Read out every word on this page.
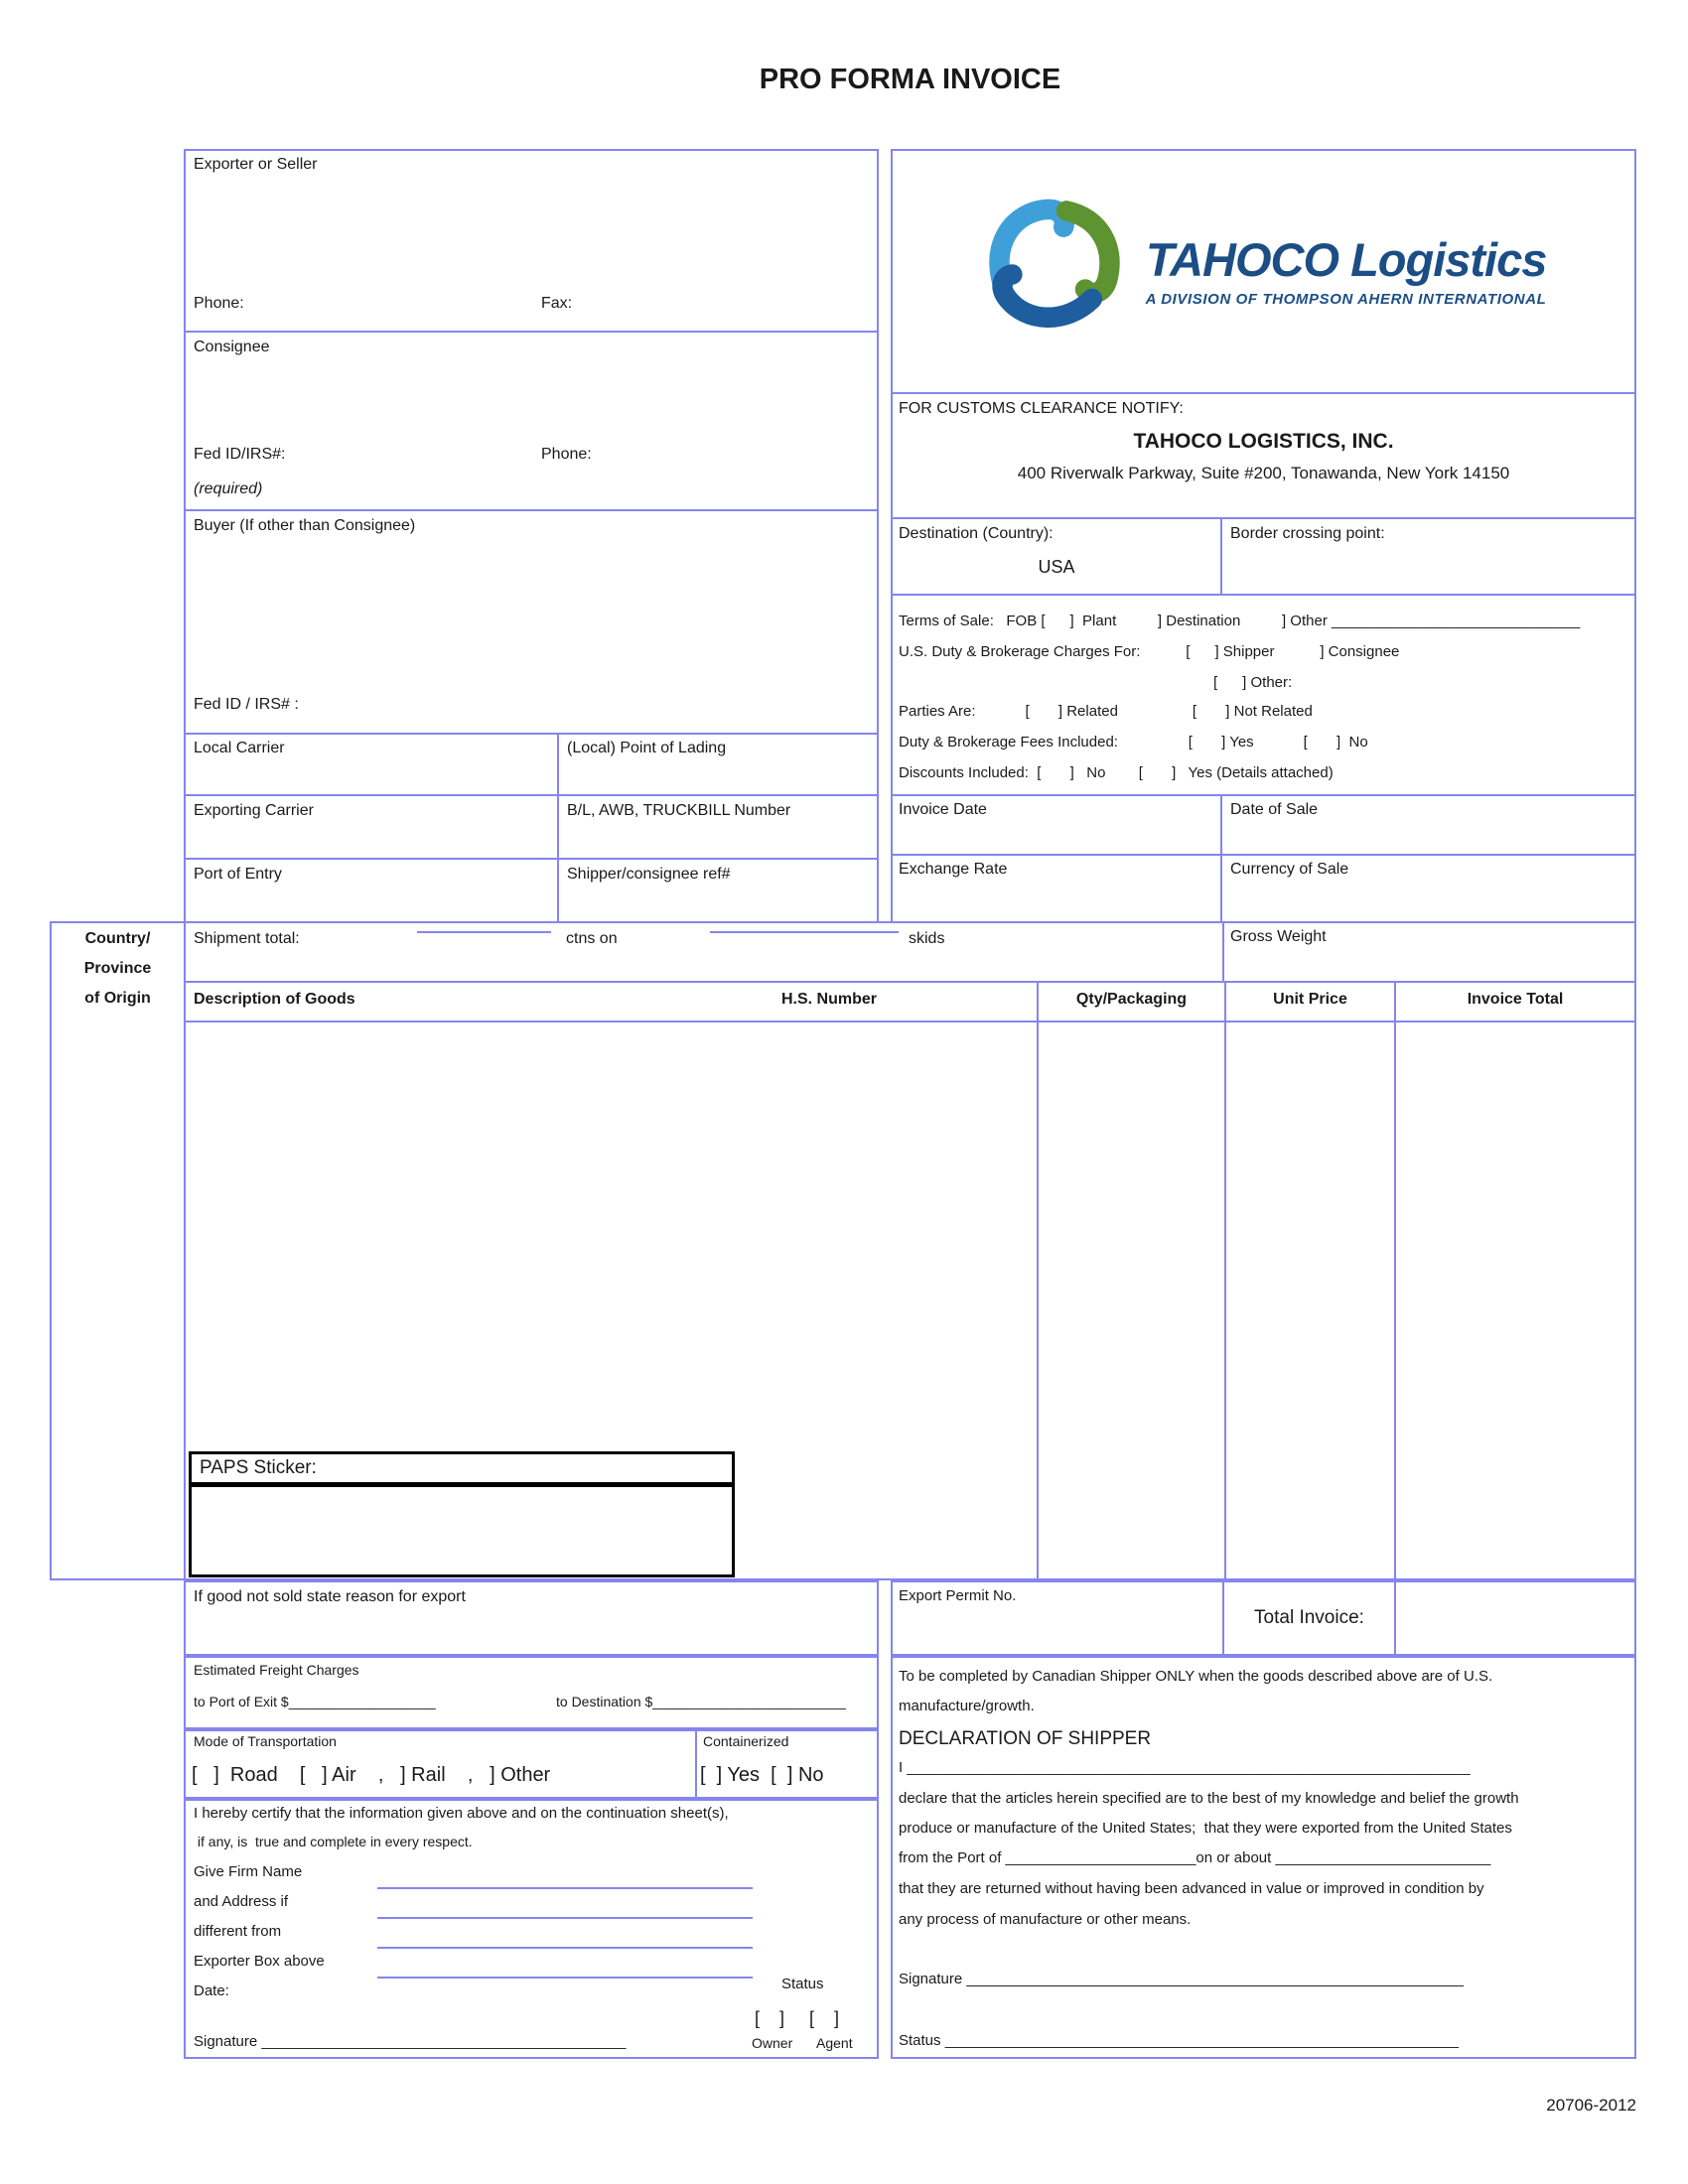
PRO FORMA INVOICE
Exporter or Seller
Phone:	Fax:
Consignee
Fed ID/IRS#:
(required)
Phone:
Buyer (If other than Consignee)
Fed ID / IRS# :
Local Carrier	(Local) Point of Lading
Exporting Carrier	B/L, AWB, TRUCKBILL Number
Port of Entry	Shipper/consignee ref#
TAHOCO Logistics
A DIVISION OF THOMPSON AHERN INTERNATIONAL
FOR CUSTOMS CLEARANCE NOTIFY:
TAHOCO LOGISTICS, INC.
400 Riverwalk Parkway, Suite #200, Tonawanda, New York 14150
Destination (Country):
USA
Border crossing point:
Terms of Sale:   FOB [      ]  Plant          ] Destination          ] Other ______________________________
U.S. Duty & Brokerage Charges For:           [      ] Shipper           ] Consignee
[      ] Other:
Parties Are:            [       ] Related                  [       ] Not Related
Duty & Brokerage Fees Included:                 [       ] Yes            [       ]  No
Discounts Included:  [       ]   No        [       ]   Yes (Details attached)
Invoice Date	Date of Sale
Exchange Rate	Currency of Sale
Shipment total:	ctns on	skids	Gross Weight
Country/
Province
of Origin	Description of Goods	H.S. Number	Qty/Packaging	Unit Price	Invoice Total
PAPS Sticker:
If good not sold state reason for export	Export Permit No.
Total Invoice:
Estimated Freight Charges
to Port of Exit $___________________	to Destination $_________________________
Mode of Transportation
[   ]  Road    [   ] Air    ,   ] Rail    ,   ] Other
Containerized
[  ] Yes  [  ] No
I hereby certify that the information given above and on the continuation sheet(s),
if any, is  true and complete in every respect.
Give Firm Name
and Address if
different from
Exporter Box above
Date:	Status
[    ]     [    ]
Owner Agent
Signature ____________________________________________
To be completed by Canadian Shipper ONLY when the goods described above are of U.S.
manufacture/growth.
DECLARATION OF SHIPPER
I ____________________________________________________________________
declare that the articles herein specified are to the best of my knowledge and belief the growth
produce or manufacture of the United States;  that they were exported from the United States
from the Port of _______________________on or about __________________________
that they are returned without having been advanced in value or improved in condition by
any process of manufacture or other means.
Signature ____________________________________________________________
Status ______________________________________________________________
20706-2012
